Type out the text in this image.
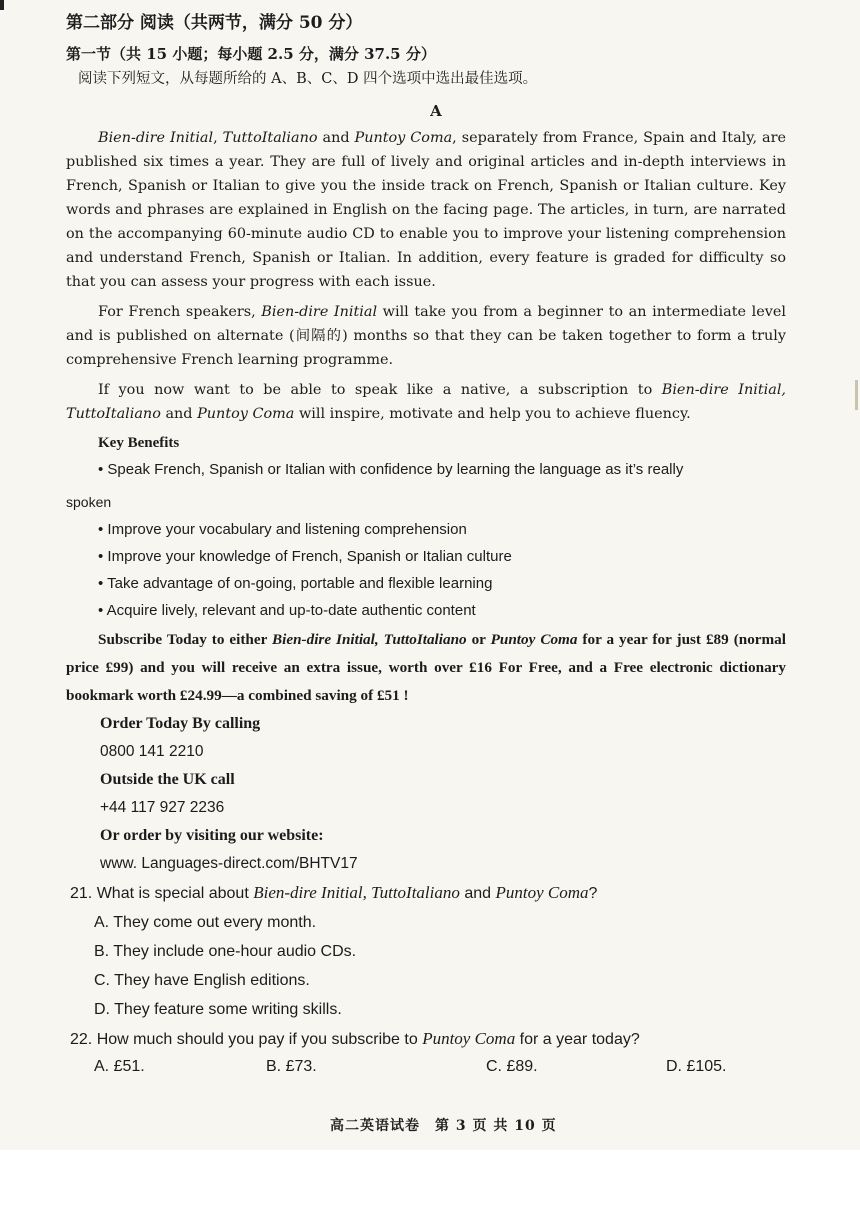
第二部分 阅读（共两节，满分 50 分）
第一节（共 15 小题；每小题 2.5 分，满分 37.5 分）
阅读下列短文，从每题所给的 A、B、C、D 四个选项中选出最佳选项。
A
Bien-dire Initial, TuttoItaliano and Puntoy Coma, separately from France, Spain and Italy, are published six times a year. They are full of lively and original articles and in-depth interviews in French, Spanish or Italian to give you the inside track on French, Spanish or Italian culture. Key words and phrases are explained in English on the facing page. The articles, in turn, are narrated on the accompanying 60-minute audio CD to enable you to improve your listening comprehension and understand French, Spanish or Italian. In addition, every feature is graded for difficulty so that you can assess your progress with each issue.
For French speakers, Bien-dire Initial will take you from a beginner to an intermediate level and is published on alternate (间隔的) months so that they can be taken together to form a truly comprehensive French learning programme.
If you now want to be able to speak like a native, a subscription to Bien-dire Initial, TuttoItaliano and Puntoy Coma will inspire, motivate and help you to achieve fluency.
Key Benefits
• Speak French, Spanish or Italian with confidence by learning the language as it’s really
spoken
• Improve your vocabulary and listening comprehension
• Improve your knowledge of French, Spanish or Italian culture
• Take advantage of on-going, portable and flexible learning
• Acquire lively, relevant and up-to-date authentic content
Subscribe Today to either Bien-dire Initial, TuttoItaliano or Puntoy Coma for a year for just £89 (normal price £99) and you will receive an extra issue, worth over £16 For Free, and a Free electronic dictionary bookmark worth £24.99—a combined saving of £51 !
Order Today By calling
0800 141 2210
Outside the UK call
+44 117 927 2236
Or order by visiting our website:
www. Languages-direct.com/BHTV17
21. What is special about Bien-dire Initial, TuttoItaliano and Puntoy Coma?
A. They come out every month.
B. They include one-hour audio CDs.
C. They have English editions.
D. They feature some writing skills.
22. How much should you pay if you subscribe to Puntoy Coma for a year today?
A. £51.	B. £73.	C. £89.	D. £105.
高二英语试卷　第 3 页 共 10 页
